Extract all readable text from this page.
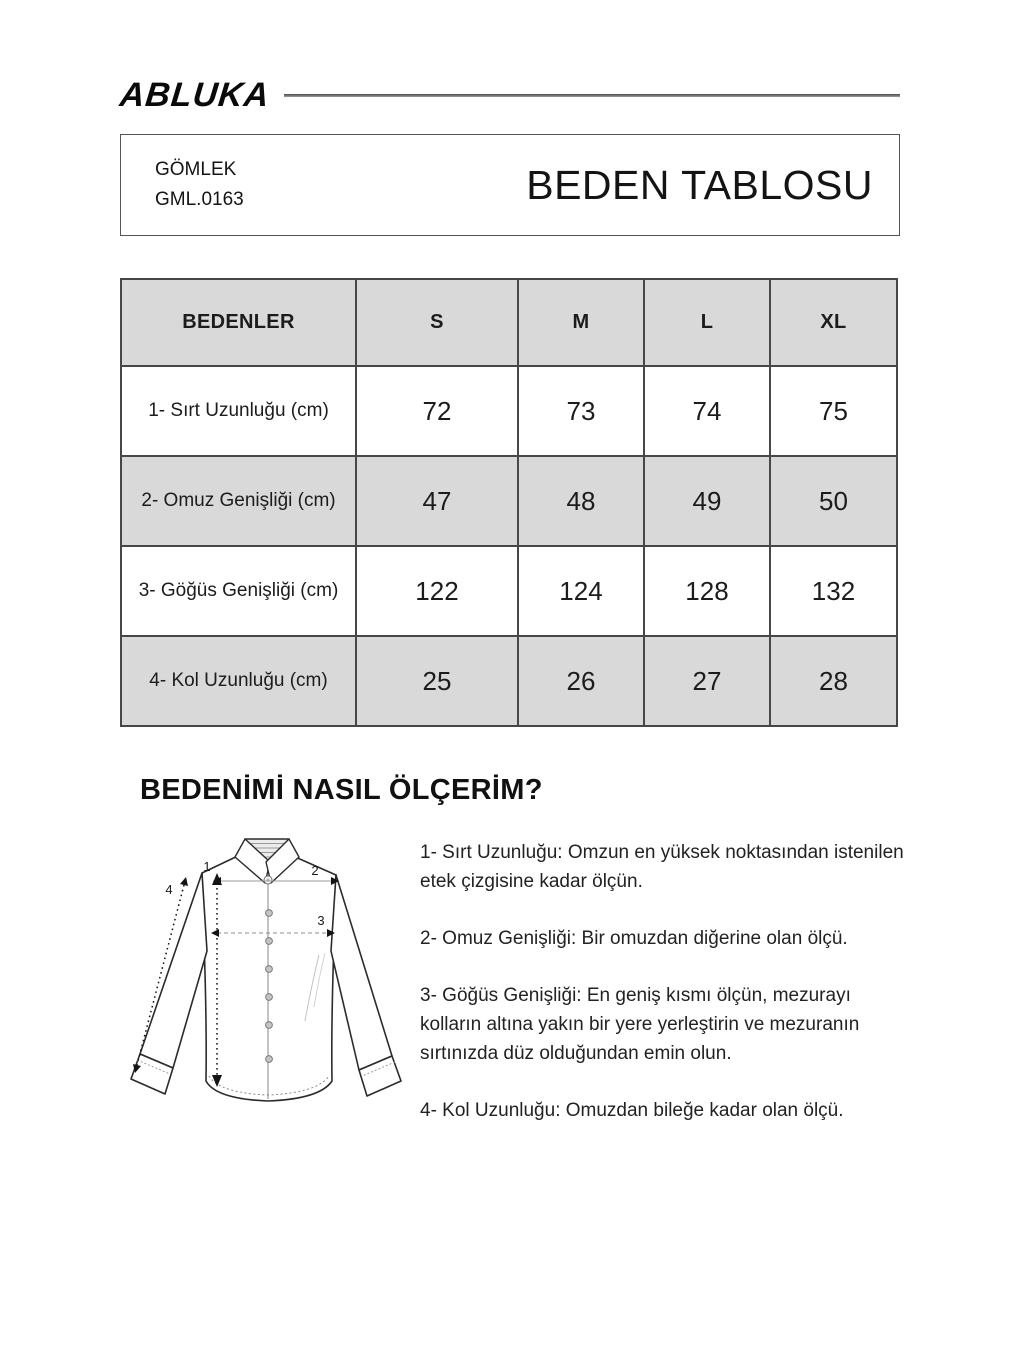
ABLUKA
GÖMLEK
GML.0163	BEDEN TABLOSU
BEDENLER	S	M	L	XL
1- Sırt Uzunluğu (cm)	72	73	74	75
2- Omuz Genişliği (cm)	47	48	49	50
3- Göğüs Genişliği (cm)	122	124	128	132
4- Kol Uzunluğu (cm)	25	26	27	28
BEDENİMİ NASIL ÖLÇERİM?
1	2
3
4

1- Sırt Uzunluğu: Omzun en yüksek noktasından istenilen etek çizgisine kadar ölçün.

2- Omuz Genişliği: Bir omuzdan diğerine olan ölçü.

3- Göğüs Genişliği: En geniş kısmı ölçün, mezurayı kolların altına yakın bir yere yerleştirin ve mezuranın sırtınızda düz olduğundan emin olun.

4- Kol Uzunluğu: Omuzdan bileğe kadar olan ölçü.
